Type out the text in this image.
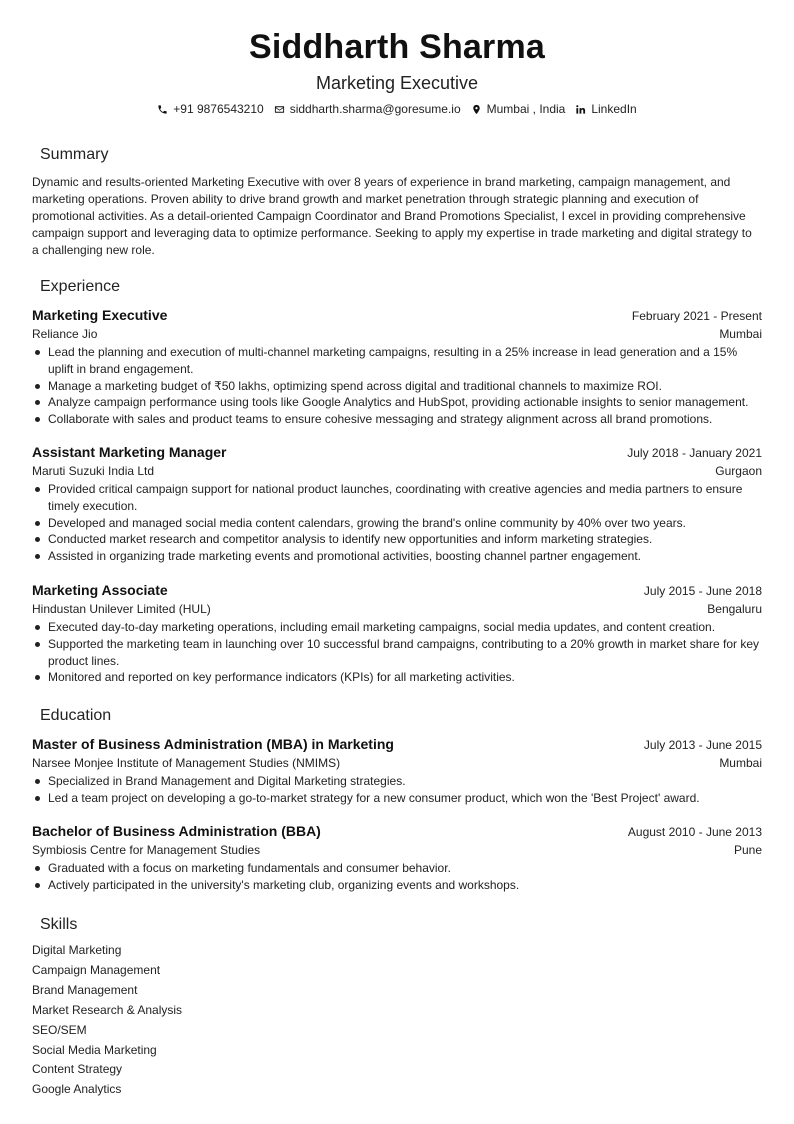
Siddharth Sharma
Marketing Executive
+91 9876543210 siddharth.sharma@goresume.io Mumbai , India LinkedIn
Summary
Dynamic and results-oriented Marketing Executive with over 8 years of experience in brand marketing, campaign management, and marketing operations. Proven ability to drive brand growth and market penetration through strategic planning and execution of promotional activities. As a detail-oriented Campaign Coordinator and Brand Promotions Specialist, I excel in providing comprehensive campaign support and leveraging data to optimize performance. Seeking to apply my expertise in trade marketing and digital strategy to a challenging new role.
Experience
Marketing Executive	February 2021 - Present
Reliance Jio	Mumbai
Lead the planning and execution of multi-channel marketing campaigns, resulting in a 25% increase in lead generation and a 15% uplift in brand engagement.
Manage a marketing budget of ₹50 lakhs, optimizing spend across digital and traditional channels to maximize ROI.
Analyze campaign performance using tools like Google Analytics and HubSpot, providing actionable insights to senior management.
Collaborate with sales and product teams to ensure cohesive messaging and strategy alignment across all brand promotions.
Assistant Marketing Manager	July 2018 - January 2021
Maruti Suzuki India Ltd	Gurgaon
Provided critical campaign support for national product launches, coordinating with creative agencies and media partners to ensure timely execution.
Developed and managed social media content calendars, growing the brand's online community by 40% over two years.
Conducted market research and competitor analysis to identify new opportunities and inform marketing strategies.
Assisted in organizing trade marketing events and promotional activities, boosting channel partner engagement.
Marketing Associate	July 2015 - June 2018
Hindustan Unilever Limited (HUL)	Bengaluru
Executed day-to-day marketing operations, including email marketing campaigns, social media updates, and content creation.
Supported the marketing team in launching over 10 successful brand campaigns, contributing to a 20% growth in market share for key product lines.
Monitored and reported on key performance indicators (KPIs) for all marketing activities.
Education
Master of Business Administration (MBA) in Marketing	July 2013 - June 2015
Narsee Monjee Institute of Management Studies (NMIMS)	Mumbai
Specialized in Brand Management and Digital Marketing strategies.
Led a team project on developing a go-to-market strategy for a new consumer product, which won the 'Best Project' award.
Bachelor of Business Administration (BBA)	August 2010 - June 2013
Symbiosis Centre for Management Studies	Pune
Graduated with a focus on marketing fundamentals and consumer behavior.
Actively participated in the university's marketing club, organizing events and workshops.
Skills
Digital Marketing
Campaign Management
Brand Management
Market Research & Analysis
SEO/SEM
Social Media Marketing
Content Strategy
Google Analytics
